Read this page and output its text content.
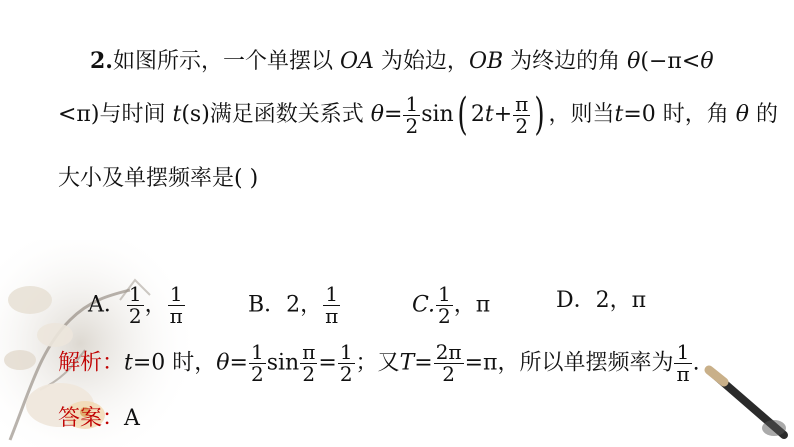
2.如图所示，一个单摆以 OA 为始边，OB 为终边的角 θ(−π<θ
<π)与时间 t(s)满足函数关系式 $\theta= \frac{1}{2} \sin$( $2t+ \frac{\pi}{2}$ ) ，则当t=0 时，角 θ 的
大小及单摆频率是( )
A． $\frac{1}{2}$ ， $\frac{1}{\pi}$	B．2， $\frac{1}{\pi}$	C. $\frac{1}{2}$ ，π	D．2，π
解析：t=0 时，$\theta= \frac{1}{2}$ $\sin \frac{\pi}{2} = \frac{1}{2}$ ；又$T= \frac{2\pi}{2} =\pi$，所以单摆频率为 $\frac{1}{\pi}$ .
答案：A
